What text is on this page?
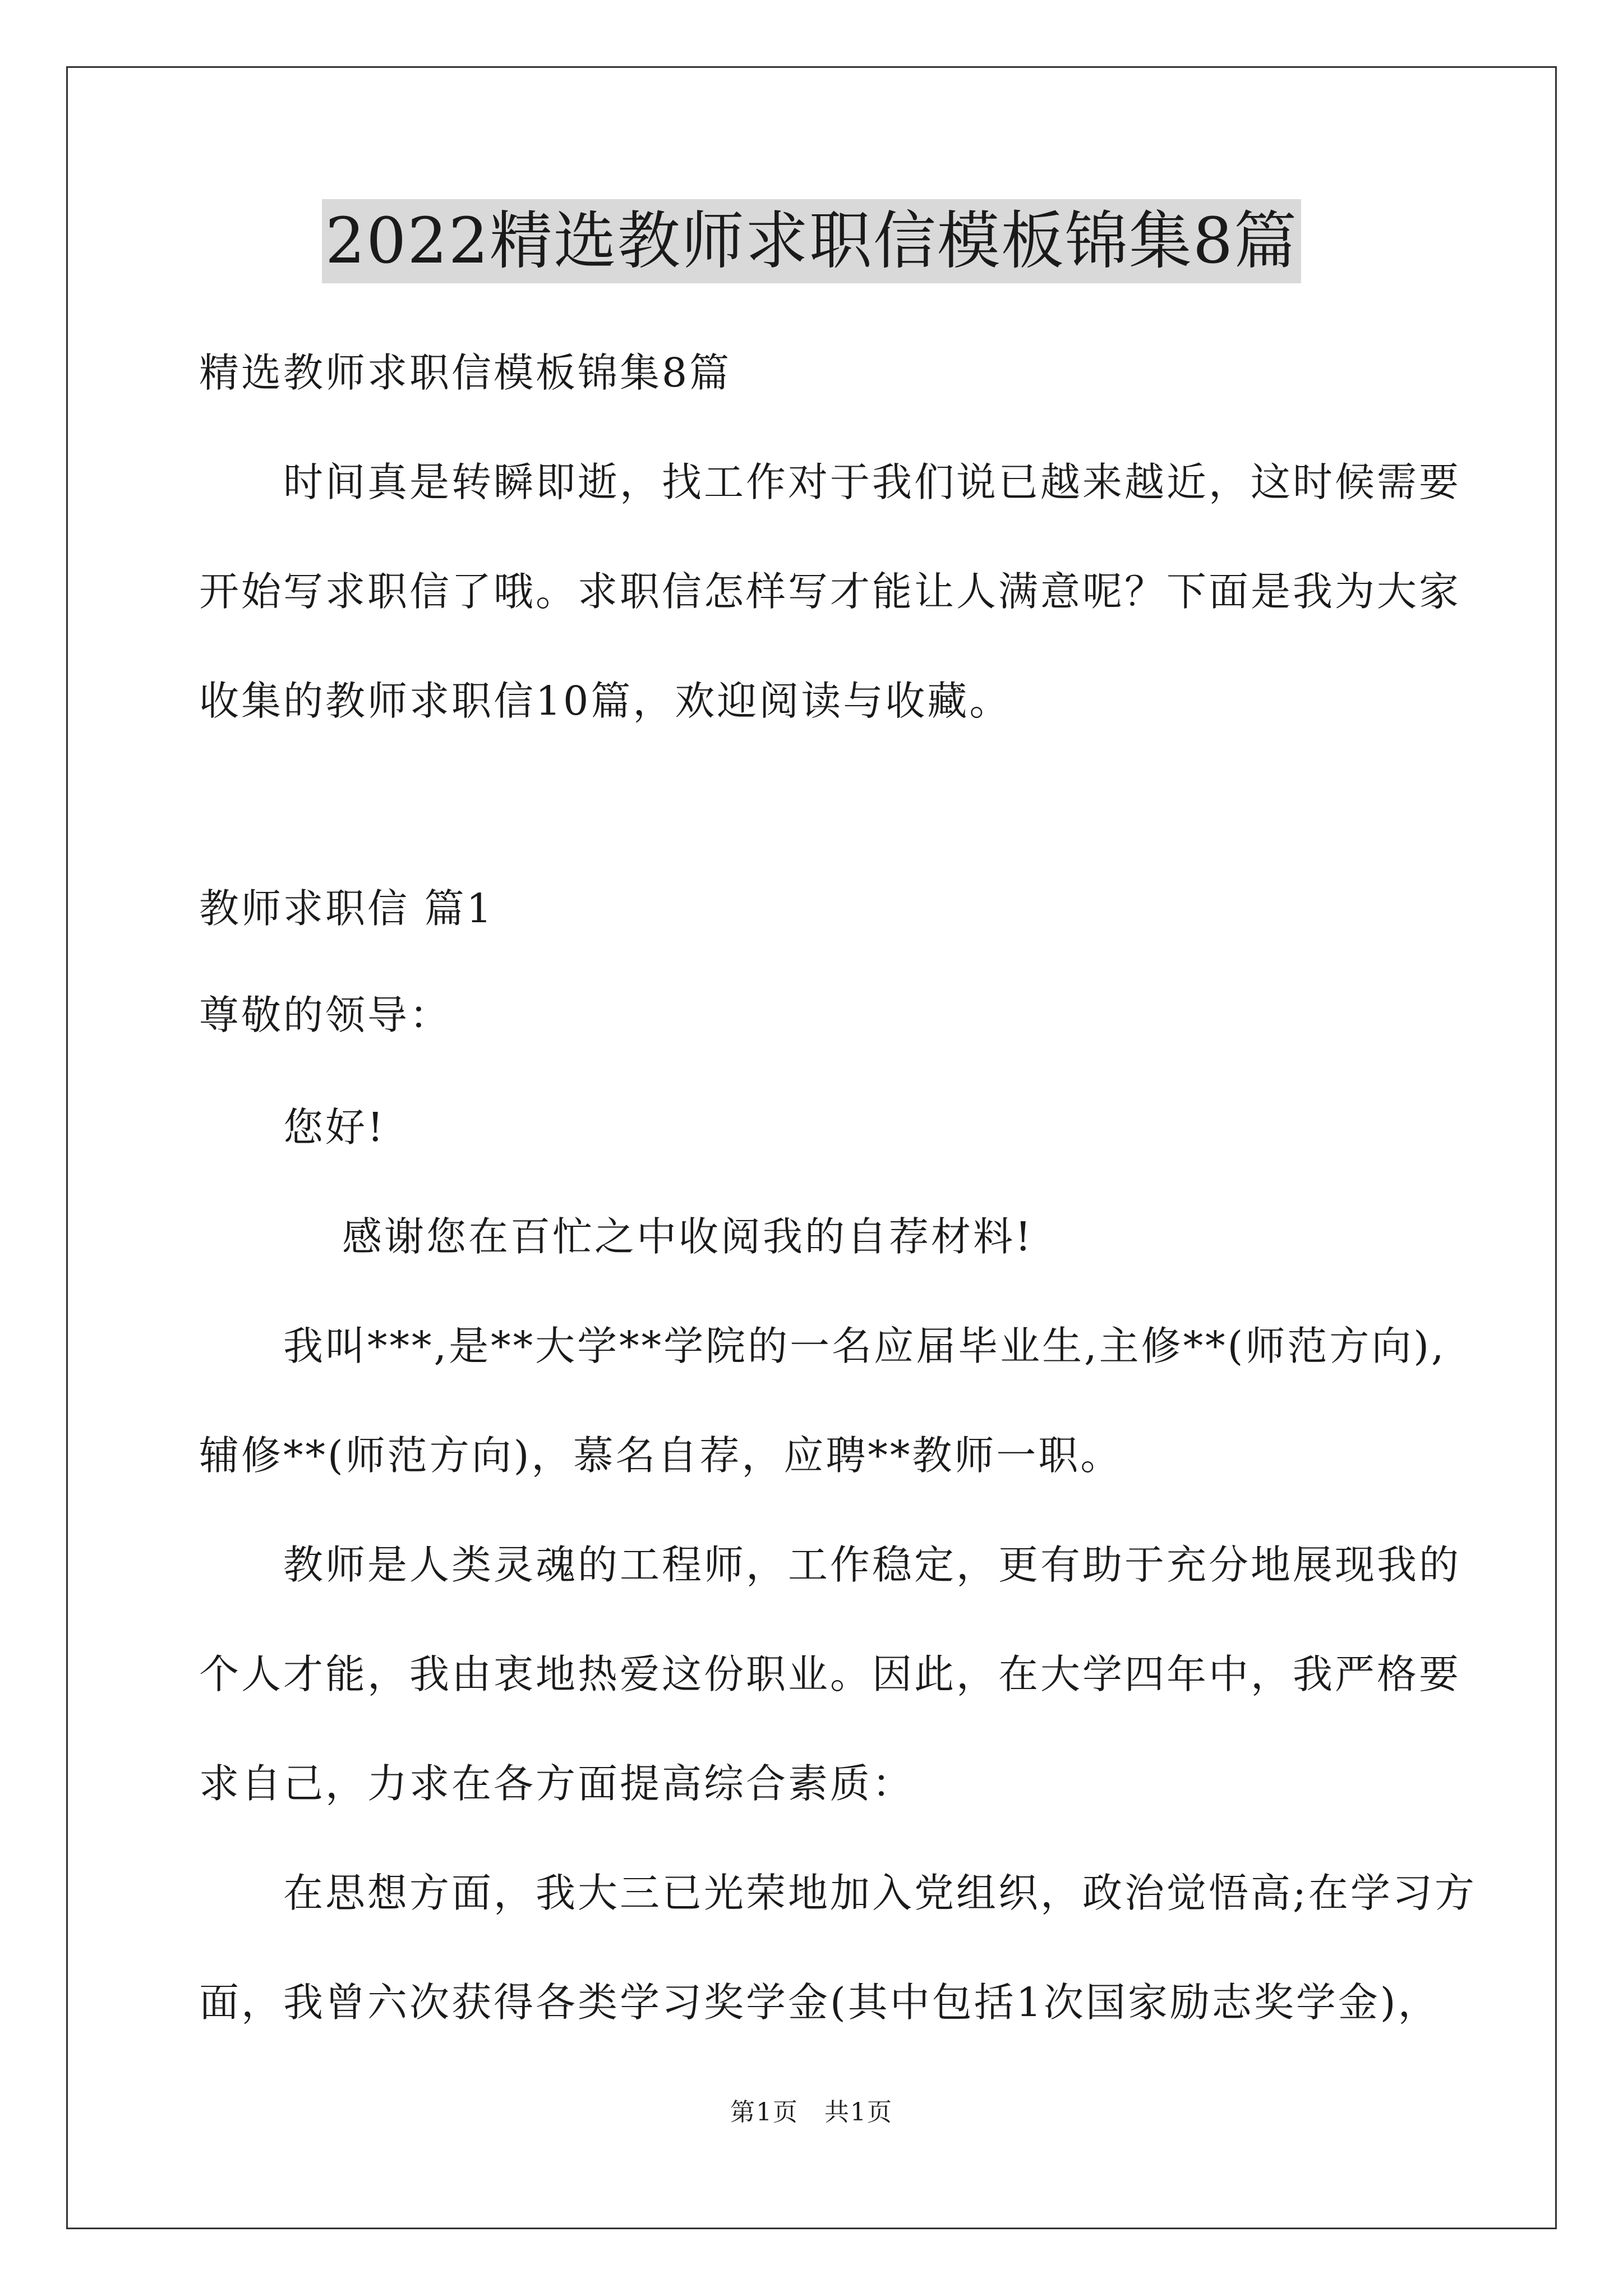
2022精选教师求职信模板锦集8篇
精选教师求职信模板锦集8篇
时间真是转瞬即逝，找工作对于我们说已越来越近，这时候需要
开始写求职信了哦。求职信怎样写才能让人满意呢？下面是我为大家
收集的教师求职信10篇，欢迎阅读与收藏。
教师求职信 篇1
尊敬的领导：
您好!
感谢您在百忙之中收阅我的自荐材料!
我叫***,是**大学**学院的一名应届毕业生,主修**(师范方向),
辅修**(师范方向)，慕名自荐，应聘**教师一职。
教师是人类灵魂的工程师，工作稳定，更有助于充分地展现我的
个人才能，我由衷地热爱这份职业。因此，在大学四年中，我严格要
求自己，力求在各方面提高综合素质：
在思想方面，我大三已光荣地加入党组织，政治觉悟高;在学习方
面，我曾六次获得各类学习奖学金(其中包括1次国家励志奖学金)，
第1页　共1页
